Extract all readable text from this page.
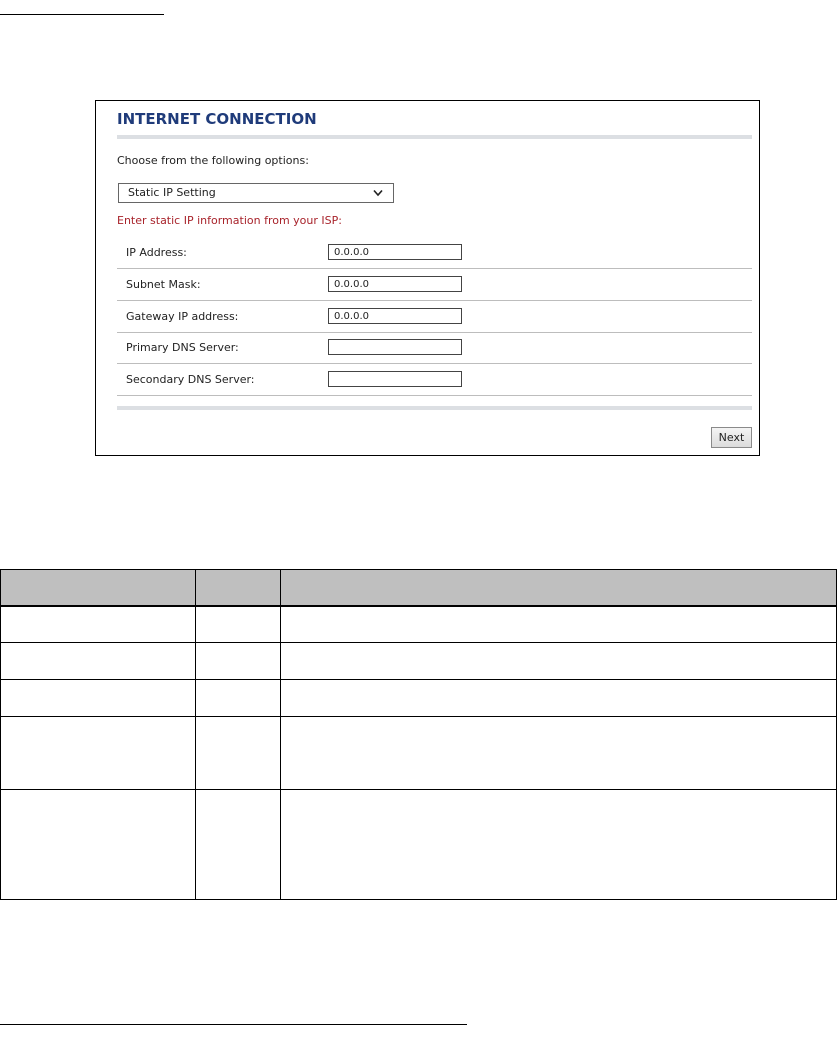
INTERNET CONNECTION
Choose from the following options:
Static IP Setting
Enter static IP information from your ISP:
IP Address:
0.0.0.0
Subnet Mask:
0.0.0.0
Gateway IP address:
0.0.0.0
Primary DNS Server:
Secondary DNS Server:
Next
